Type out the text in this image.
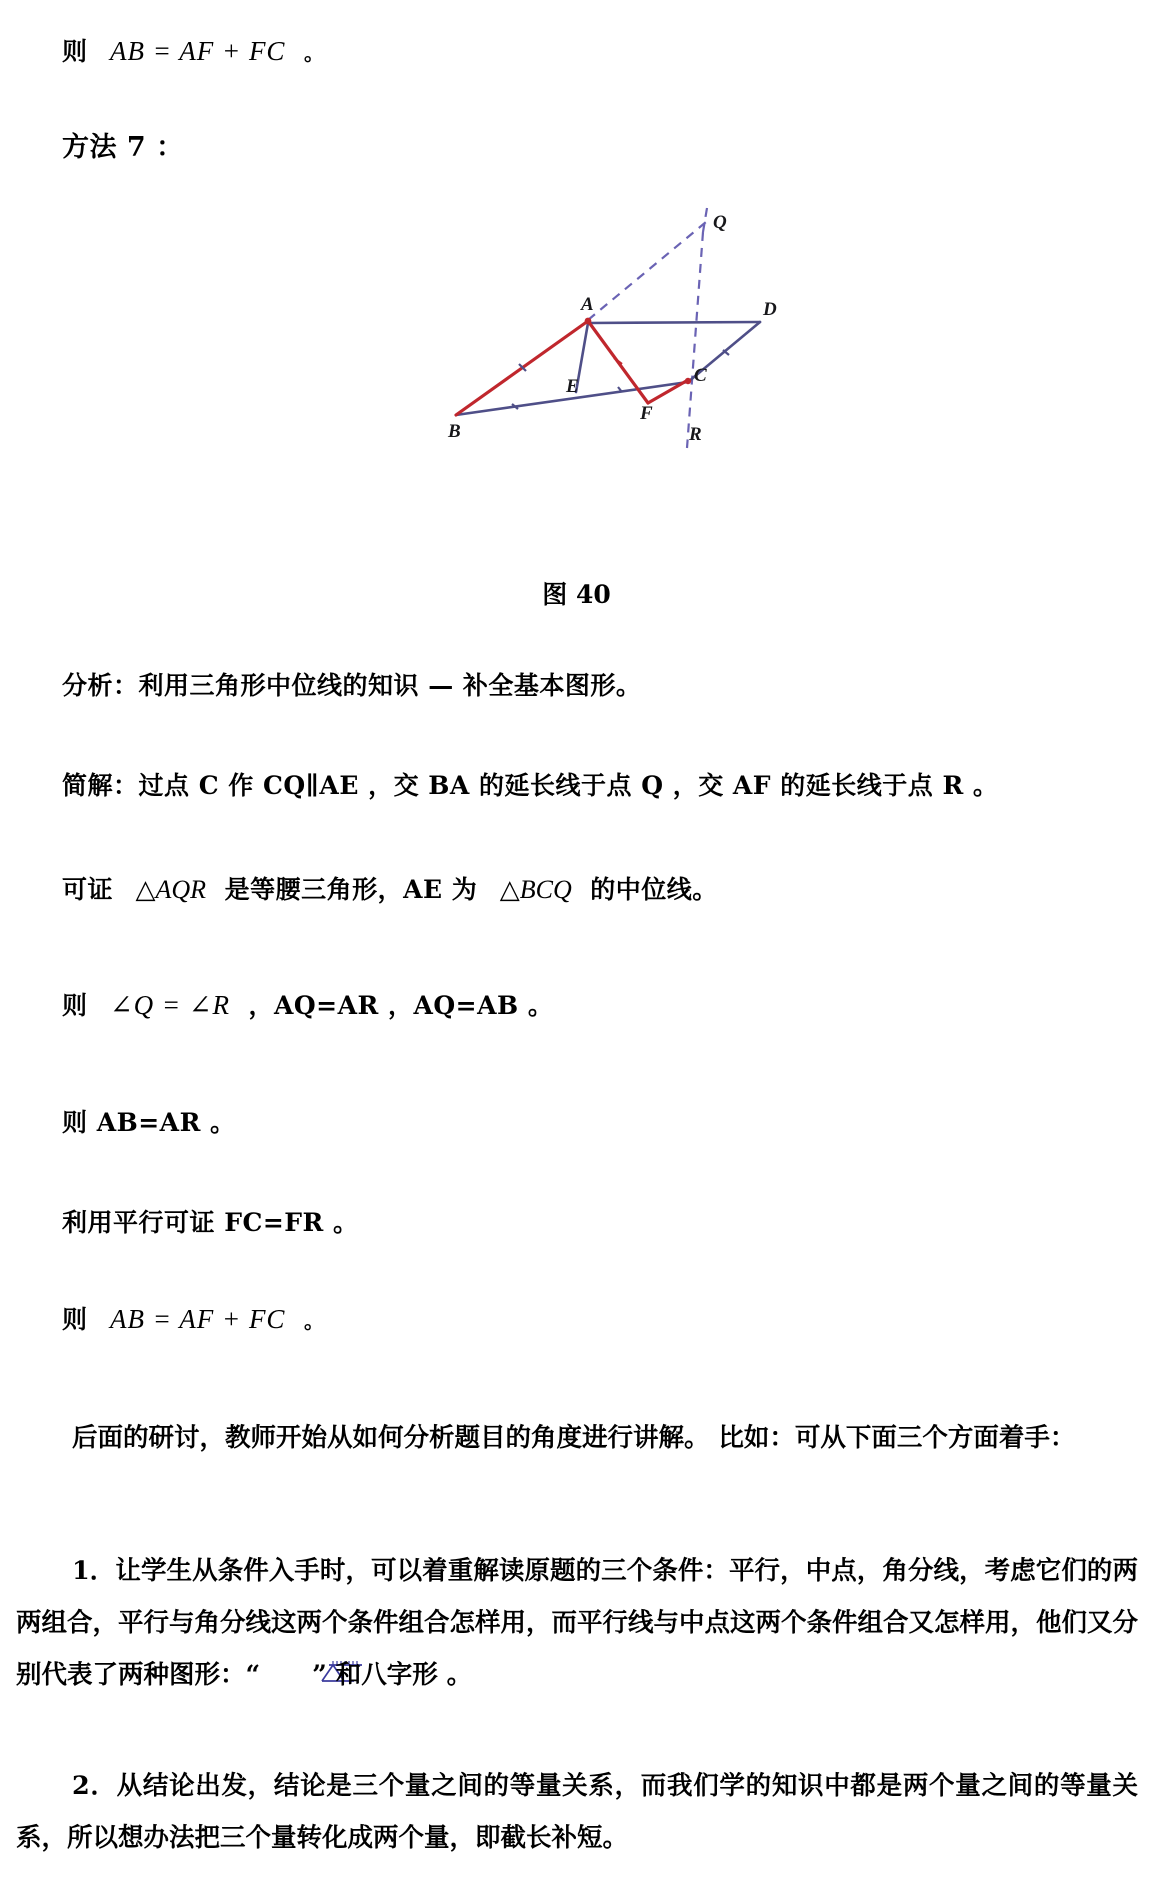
则 AB = AF + FC 。
方法 7 ：
B
A	D
C
E
F
Q
R
图 40
分析：利用三角形中位线的知识 — 补全基本图形。
简解：过点 C 作 CQ∥AE ，交 BA 的延长线于点 Q ，交 AF 的延长线于点 R 。
可证 △AQR 是等腰三角形，AE 为 △BCQ 的中位线。
则 ∠Q = ∠R ，AQ=AR ，AQ=AB 。
则 AB=AR 。
利用平行可证 FC=FR 。
则 AB = AF + FC 。
后面的研讨，教师开始从如何分析题目的角度进行讲解。 比如：可从下面三个方面着手：
1．让学生从条件入手时，可以着重解读原题的三个条件：平行，中点，角分线，考虑它们的两两组合，平行与角分线这两个条件组合怎样用，而平行线与中点这两个条件组合又怎样用，他们又分别代表了两种图形：“ ” 和八字形 。
2．从结论出发，结论是三个量之间的等量关系，而我们学的知识中都是两个量之间的等量关系，所以想办法把三个量转化成两个量，即截长补短。
